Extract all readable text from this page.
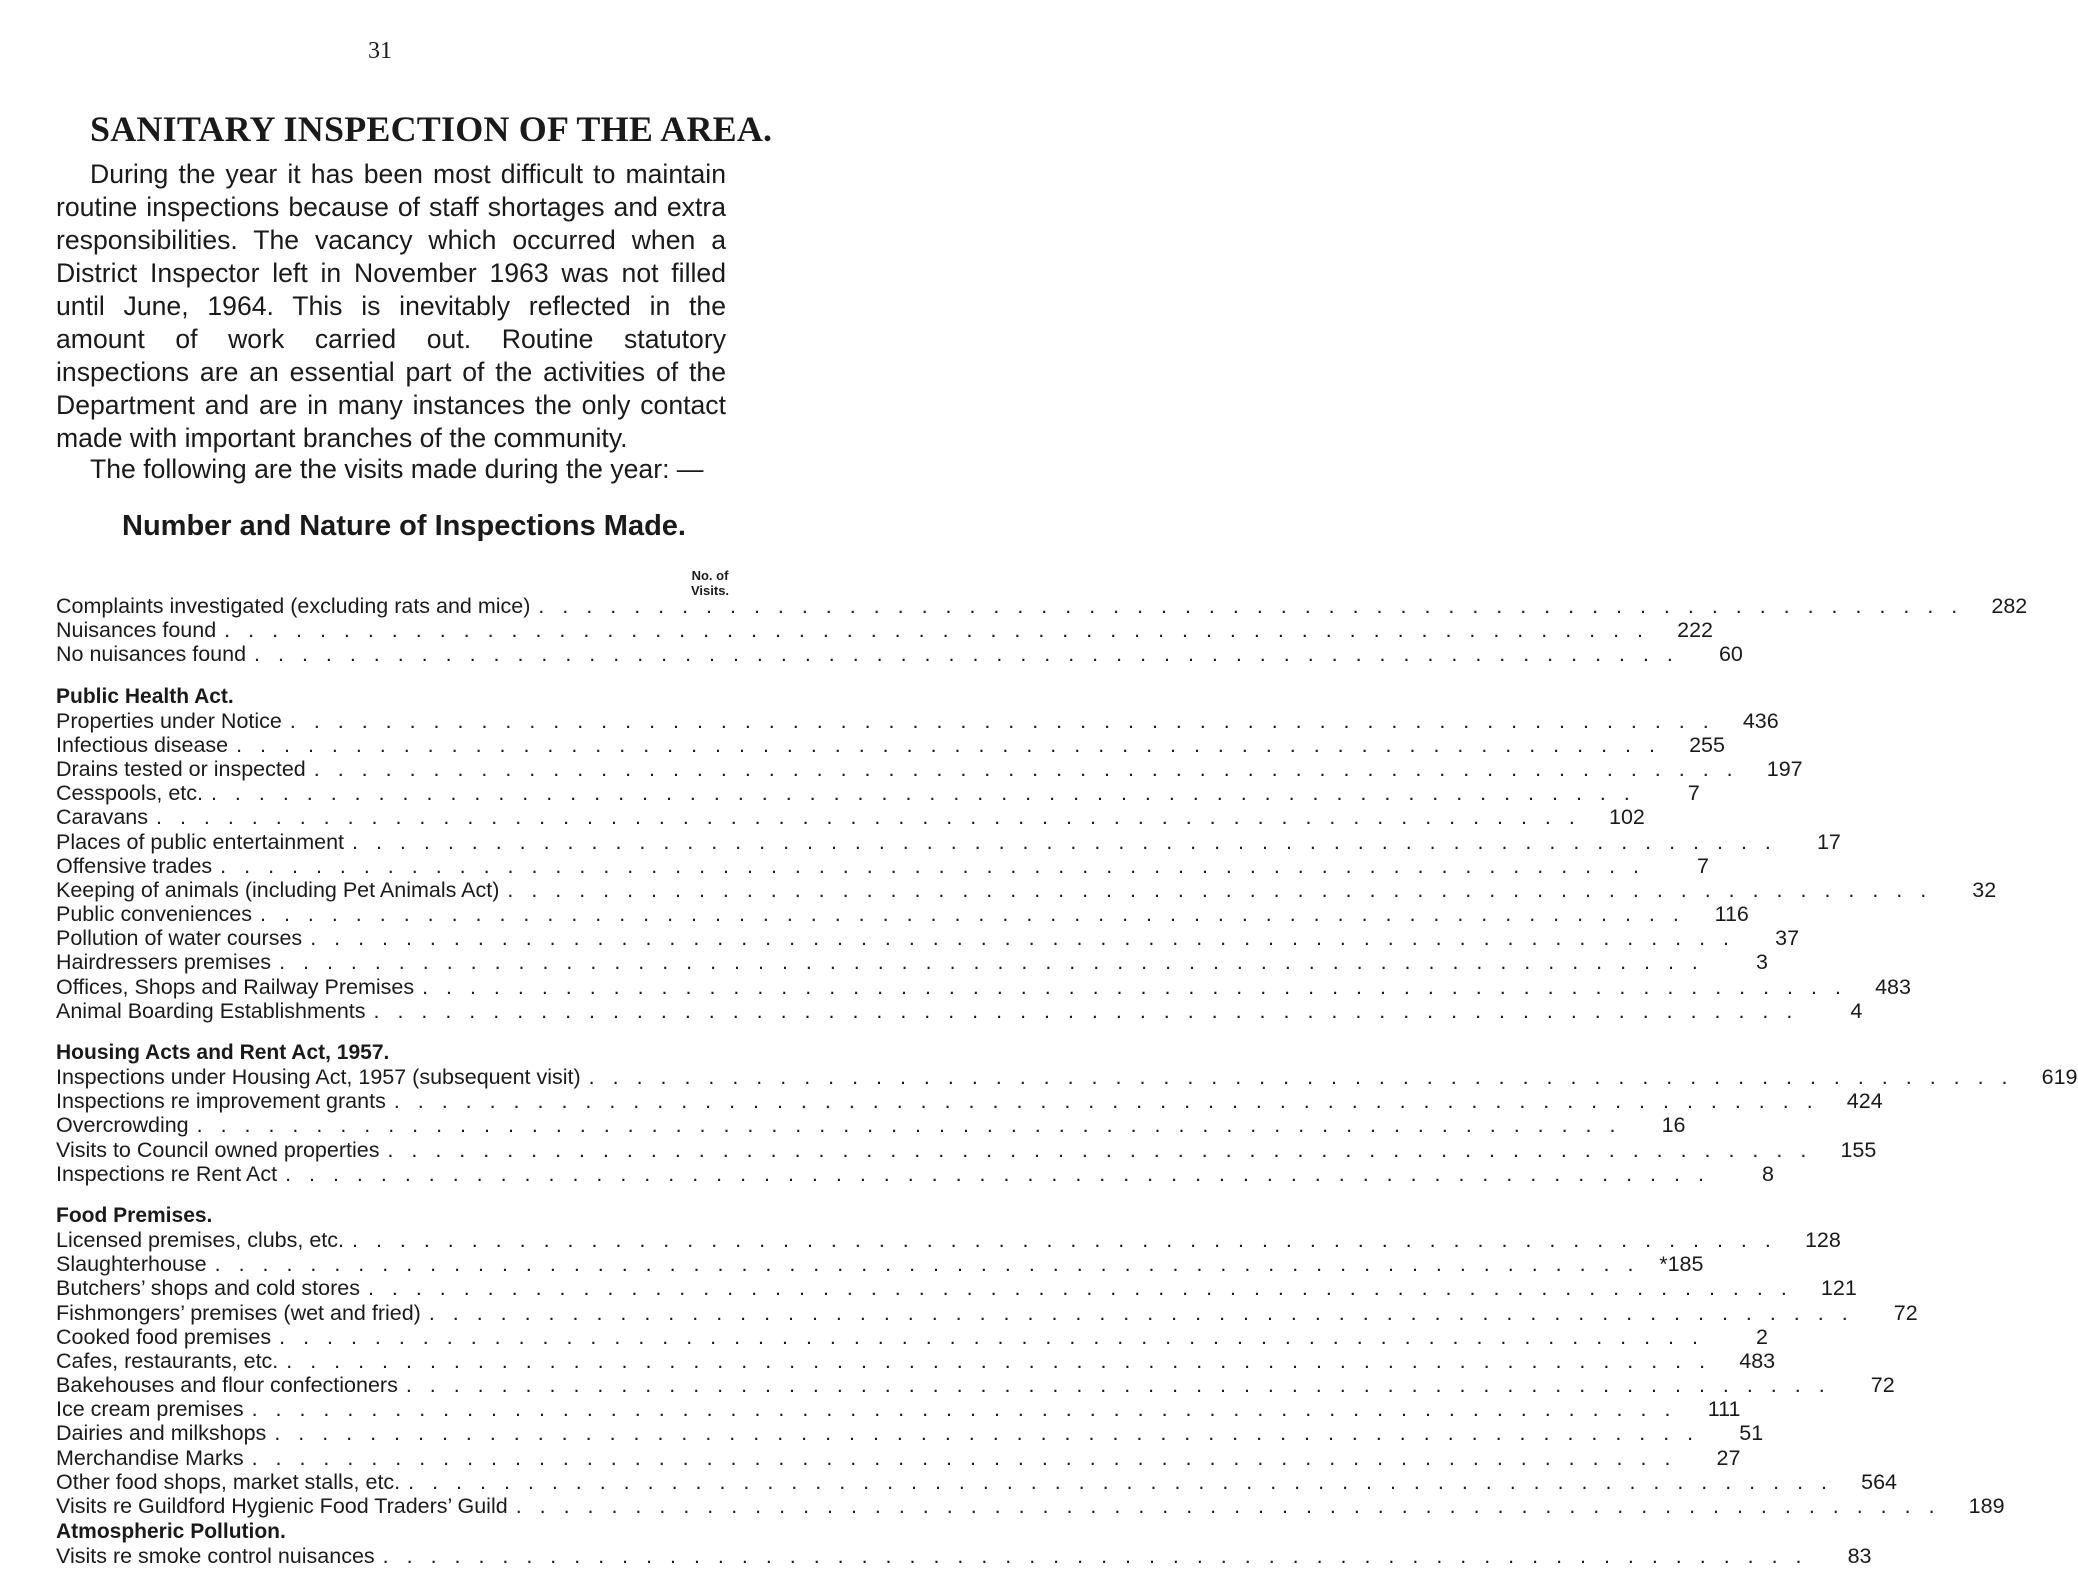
31
SANITARY INSPECTION OF THE AREA.

During the year it has been most difficult to maintain routine inspections because of staff shortages and extra responsibilities. The vacancy which occurred when a District Inspector left in November 1963 was not filled until June, 1964. This is inevitably reflected in the amount of work carried out. Routine statutory inspections are an essential part of the activities of the Department and are in many instances the only contact made with important branches of the community.

The following are the visits made during the year: —

Number and Nature of Inspections Made.
No. of
Visits.
Complaints investigated (excluding rats and mice) . . . . . . . . . . . . . . . . . . . . . . . . . . . . . . . . . . . . . . . . . . . . . . . . . . . . . . . . . . . .	282
Nuisances found . . . . . . . . . . . . . . . . . . . . . . . . . . . . . . . . . . . . . . . . . . . . . . . . . . . . . . . . . . . .	222
No nuisances found . . . . . . . . . . . . . . . . . . . . . . . . . . . . . . . . . . . . . . . . . . . . . . . . . . . . . . . . . . . .	60
Public Health Act.
Properties under Notice . . . . . . . . . . . . . . . . . . . . . . . . . . . . . . . . . . . . . . . . . . . . . . . . . . . . . . . . . . . .	436
Infectious disease . . . . . . . . . . . . . . . . . . . . . . . . . . . . . . . . . . . . . . . . . . . . . . . . . . . . . . . . . . . .	255
Drains tested or inspected . . . . . . . . . . . . . . . . . . . . . . . . . . . . . . . . . . . . . . . . . . . . . . . . . . . . . . . . . . . .	197
Cesspools, etc. . . . . . . . . . . . . . . . . . . . . . . . . . . . . . . . . . . . . . . . . . . . . . . . . . . . . . . . . . . . .	7
Caravans . . . . . . . . . . . . . . . . . . . . . . . . . . . . . . . . . . . . . . . . . . . . . . . . . . . . . . . . . . . .	102
Places of public entertainment . . . . . . . . . . . . . . . . . . . . . . . . . . . . . . . . . . . . . . . . . . . . . . . . . . . . . . . . . . . .	17
Offensive trades . . . . . . . . . . . . . . . . . . . . . . . . . . . . . . . . . . . . . . . . . . . . . . . . . . . . . . . . . . . .	7
Keeping of animals (including Pet Animals Act) . . . . . . . . . . . . . . . . . . . . . . . . . . . . . . . . . . . . . . . . . . . . . . . . . . . . . . . . . . . .	32
Public conveniences . . . . . . . . . . . . . . . . . . . . . . . . . . . . . . . . . . . . . . . . . . . . . . . . . . . . . . . . . . . .	116
Pollution of water courses . . . . . . . . . . . . . . . . . . . . . . . . . . . . . . . . . . . . . . . . . . . . . . . . . . . . . . . . . . . .	37
Hairdressers premises . . . . . . . . . . . . . . . . . . . . . . . . . . . . . . . . . . . . . . . . . . . . . . . . . . . . . . . . . . . .	3
Offices, Shops and Railway Premises . . . . . . . . . . . . . . . . . . . . . . . . . . . . . . . . . . . . . . . . . . . . . . . . . . . . . . . . . . . .	483
Animal Boarding Establishments . . . . . . . . . . . . . . . . . . . . . . . . . . . . . . . . . . . . . . . . . . . . . . . . . . . . . . . . . . . .	4
Housing Acts and Rent Act, 1957.
Inspections under Housing Act, 1957 (subsequent visit) . . . . . . . . . . . . . . . . . . . . . . . . . . . . . . . . . . . . . . . . . . . . . . . . . . . . . . . . . . . .	619
Inspections re improvement grants . . . . . . . . . . . . . . . . . . . . . . . . . . . . . . . . . . . . . . . . . . . . . . . . . . . . . . . . . . . .	424
Overcrowding . . . . . . . . . . . . . . . . . . . . . . . . . . . . . . . . . . . . . . . . . . . . . . . . . . . . . . . . . . . .	16
Visits to Council owned properties . . . . . . . . . . . . . . . . . . . . . . . . . . . . . . . . . . . . . . . . . . . . . . . . . . . . . . . . . . . .	155
Inspections re Rent Act . . . . . . . . . . . . . . . . . . . . . . . . . . . . . . . . . . . . . . . . . . . . . . . . . . . . . . . . . . . .	8
Food Premises.
Licensed premises, clubs, etc. . . . . . . . . . . . . . . . . . . . . . . . . . . . . . . . . . . . . . . . . . . . . . . . . . . . . . . . . . . . .	128
Slaughterhouse . . . . . . . . . . . . . . . . . . . . . . . . . . . . . . . . . . . . . . . . . . . . . . . . . . . . . . . . . . . . *185
Butchers’ shops and cold stores . . . . . . . . . . . . . . . . . . . . . . . . . . . . . . . . . . . . . . . . . . . . . . . . . . . . . . . . . . . .	121
Fishmongers’ premises (wet and fried) . . . . . . . . . . . . . . . . . . . . . . . . . . . . . . . . . . . . . . . . . . . . . . . . . . . . . . . . . . . .	72
Cooked food premises . . . . . . . . . . . . . . . . . . . . . . . . . . . . . . . . . . . . . . . . . . . . . . . . . . . . . . . . . . . .	2
Cafes, restaurants, etc. . . . . . . . . . . . . . . . . . . . . . . . . . . . . . . . . . . . . . . . . . . . . . . . . . . . . . . . . . . . .	483
Bakehouses and flour confectioners . . . . . . . . . . . . . . . . . . . . . . . . . . . . . . . . . . . . . . . . . . . . . . . . . . . . . . . . . . . .	72
Ice cream premises . . . . . . . . . . . . . . . . . . . . . . . . . . . . . . . . . . . . . . . . . . . . . . . . . . . . . . . . . . . .	111
Dairies and milkshops . . . . . . . . . . . . . . . . . . . . . . . . . . . . . . . . . . . . . . . . . . . . . . . . . . . . . . . . . . . .	51
Merchandise Marks . . . . . . . . . . . . . . . . . . . . . . . . . . . . . . . . . . . . . . . . . . . . . . . . . . . . . . . . . . . .	27
Other food shops, market stalls, etc. . . . . . . . . . . . . . . . . . . . . . . . . . . . . . . . . . . . . . . . . . . . . . . . . . . . . . . . . . . . .	564
Visits re Guildford Hygienic Food Traders’ Guild . . . . . . . . . . . . . . . . . . . . . . . . . . . . . . . . . . . . . . . . . . . . . . . . . . . . . . . . . . . .	189
Atmospheric Pollution.
Visits re smoke control nuisances . . . . . . . . . . . . . . . . . . . . . . . . . . . . . . . . . . . . . . . . . . . . . . . . . . . . . . . . . . . .	83
